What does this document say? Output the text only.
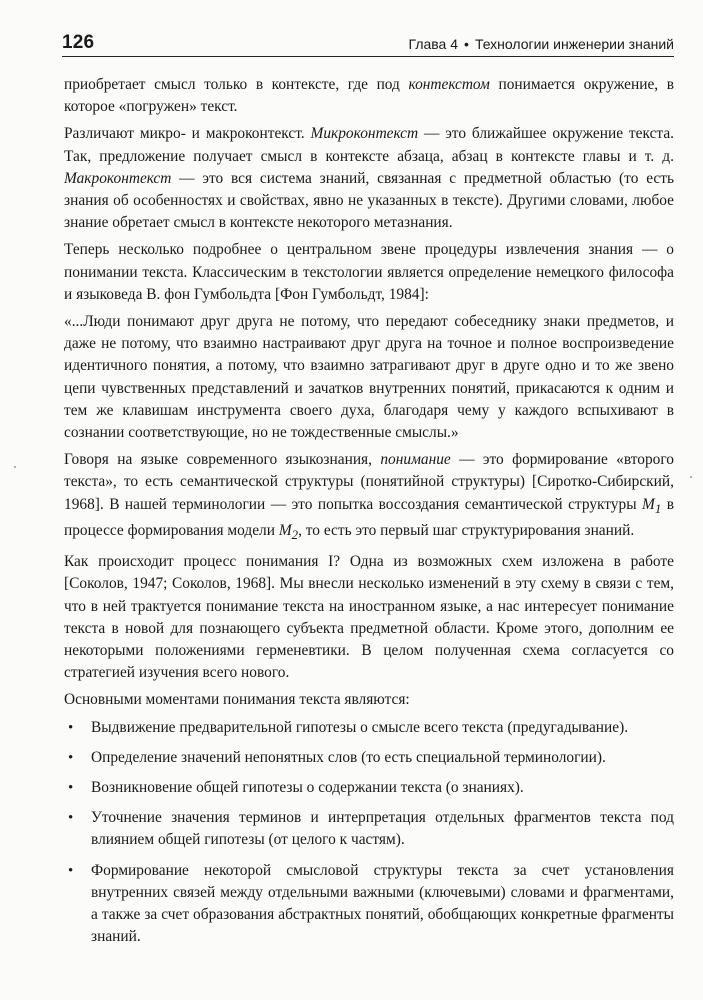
126	Глава 4 • Технологии инженерии знаний

приобретает смысл только в контексте, где под контекстом понимается окружение, в которое «погружен» текст.

Различают микро- и макроконтекст. Микроконтекст — это ближайшее окружение текста. Так, предложение получает смысл в контексте абзаца, абзац в контексте главы и т. д. Макроконтекст — это вся система знаний, связанная с предметной областью (то есть знания об особенностях и свойствах, явно не указанных в тексте). Другими словами, любое знание обретает смысл в контексте некоторого метазнания.

Теперь несколько подробнее о центральном звене процедуры извлечения знания — о понимании текста. Классическим в текстологии является определение немецкого философа и языковеда В. фон Гумбольдта [Фон Гумбольдт, 1984]:

«...Люди понимают друг друга не потому, что передают собеседнику знаки предметов, и даже не потому, что взаимно настраивают друг друга на точное и полное воспроизведение идентичного понятия, а потому, что взаимно затрагивают друг в друге одно и то же звено цепи чувственных представлений и зачатков внутренних понятий, прикасаются к одним и тем же клавишам инструмента своего духа, благодаря чему у каждого вспыхивают в сознании соответствующие, но не тождественные смыслы.»

Говоря на языке современного языкознания, понимание — это формирование «второго текста», то есть семантической структуры (понятийной структуры) [Сиротко-Сибирский, 1968]. В нашей терминологии — это попытка воссоздания семантической структуры $M_1$ в процессе формирования модели $M_2$, то есть это первый шаг структурирования знаний.

Как происходит процесс понимания I? Одна из возможных схем изложена в работе [Соколов, 1947; Соколов, 1968]. Мы внесли несколько изменений в эту схему в связи с тем, что в ней трактуется понимание текста на иностранном языке, а нас интересует понимание текста в новой для познающего субъекта предметной области. Кроме этого, дополним ее некоторыми положениями герменевтики. В целом полученная схема согласуется со стратегией изучения всего нового.

Основными моментами понимания текста являются:

• Выдвижение предварительной гипотезы о смысле всего текста (предугадывание).
• Определение значений непонятных слов (то есть специальной терминологии).
• Возникновение общей гипотезы о содержании текста (о знаниях).
• Уточнение значения терминов и интерпретация отдельных фрагментов текста под влиянием общей гипотезы (от целого к частям).
• Формирование некоторой смысловой структуры текста за счет установления внутренних связей между отдельными важными (ключевыми) словами и фрагментами, а также за счет образования абстрактных понятий, обобщающих конкретные фрагменты знаний.
